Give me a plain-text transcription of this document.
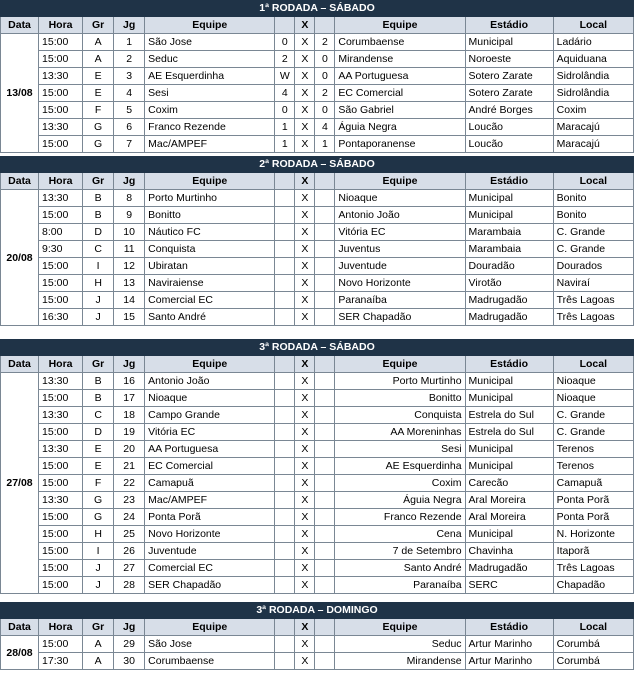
1ª RODADA – SÁBADO										
Data	Hora	Gr	Jg	Equipe		X		Equipe	Estádio	Local
13/08	15:00	A	1	São Jose	0	X	2	Corumbaense	Municipal	Ladário
	15:00	A	2	Seduc	2	X	0	Mirandense	Noroeste	Aquiduana
	13:30	E	3	AE Esquerdinha	W	X	0	AA Portuguesa	Sotero Zarate	Sidrolândia
	15:00	E	4	Sesi	4	X	2	EC Comercial	Sotero Zarate	Sidrolândia
	15:00	F	5	Coxim	0	X	0	São Gabriel	André Borges	Coxim
	13:30	G	6	Franco Rezende	1	X	4	Águia Negra	Loucão	Maracajú
	15:00	G	7	Mac/AMPEF	1	X	1	Pontaporanense	Loucão	Maracajú
2ª RODADA – SÁBADO										
Data	Hora	Gr	Jg	Equipe		X		Equipe	Estádio	Local
20/08	13:30	B	8	Porto Murtinho		X		Nioaque	Municipal	Bonito
	15:00	B	9	Bonitto		X		Antonio João	Municipal	Bonito
	8:00	D	10	Náutico FC		X		Vitória EC	Marambaia	C. Grande
	9:30	C	11	Conquista		X		Juventus	Marambaia	C. Grande
	15:00	I	12	Ubiratan		X		Juventude	Douradão	Dourados
	15:00	H	13	Naviraiense		X		Novo Horizonte	Virotão	Naviraí
	15:00	J	14	Comercial EC		X		Paranaíba	Madrugadão	Três Lagoas
	16:30	J	15	Santo André		X		SER Chapadão	Madrugadão	Três Lagoas
3ª RODADA – SÁBADO										
Data	Hora	Gr	Jg	Equipe		X		Equipe	Estádio	Local
27/08	13:30	B	16	Antonio João		X		Porto Murtinho	Municipal	Nioaque
	15:00	B	17	Nioaque		X		Bonitto	Municipal	Nioaque
	13:30	C	18	Campo Grande		X		Conquista	Estrela do Sul	C. Grande
	15:00	D	19	Vitória EC		X		AA Moreninhas	Estrela do Sul	C. Grande
	13:30	E	20	AA Portuguesa		X		Sesi	Municipal	Terenos
	15:00	E	21	EC Comercial		X		AE Esquerdinha	Municipal	Terenos
	15:00	F	22	Camapuã		X		Coxim	Carecão	Camapuã
	13:30	G	23	Mac/AMPEF		X		Águia Negra	Aral Moreira	Ponta Porã
	15:00	G	24	Ponta Porã		X		Franco Rezende	Aral Moreira	Ponta Porã
	15:00	H	25	Novo Horizonte		X		Cena	Municipal	N. Horizonte
	15:00	I	26	Juventude		X		7 de Setembro	Chavinha	Itaporã
	15:00	J	27	Comercial EC		X		Santo André	Madrugadão	Três Lagoas
	15:00	J	28	SER Chapadão		X		Paranaíba	SERC	Chapadão
3ª RODADA – DOMINGO										
Data	Hora	Gr	Jg	Equipe		X		Equipe	Estádio	Local
28/08	15:00	A	29	São Jose		X		Seduc	Artur Marinho	Corumbá
	17:30	A	30	Corumbaense		X		Mirandense	Artur Marinho	Corumbá
